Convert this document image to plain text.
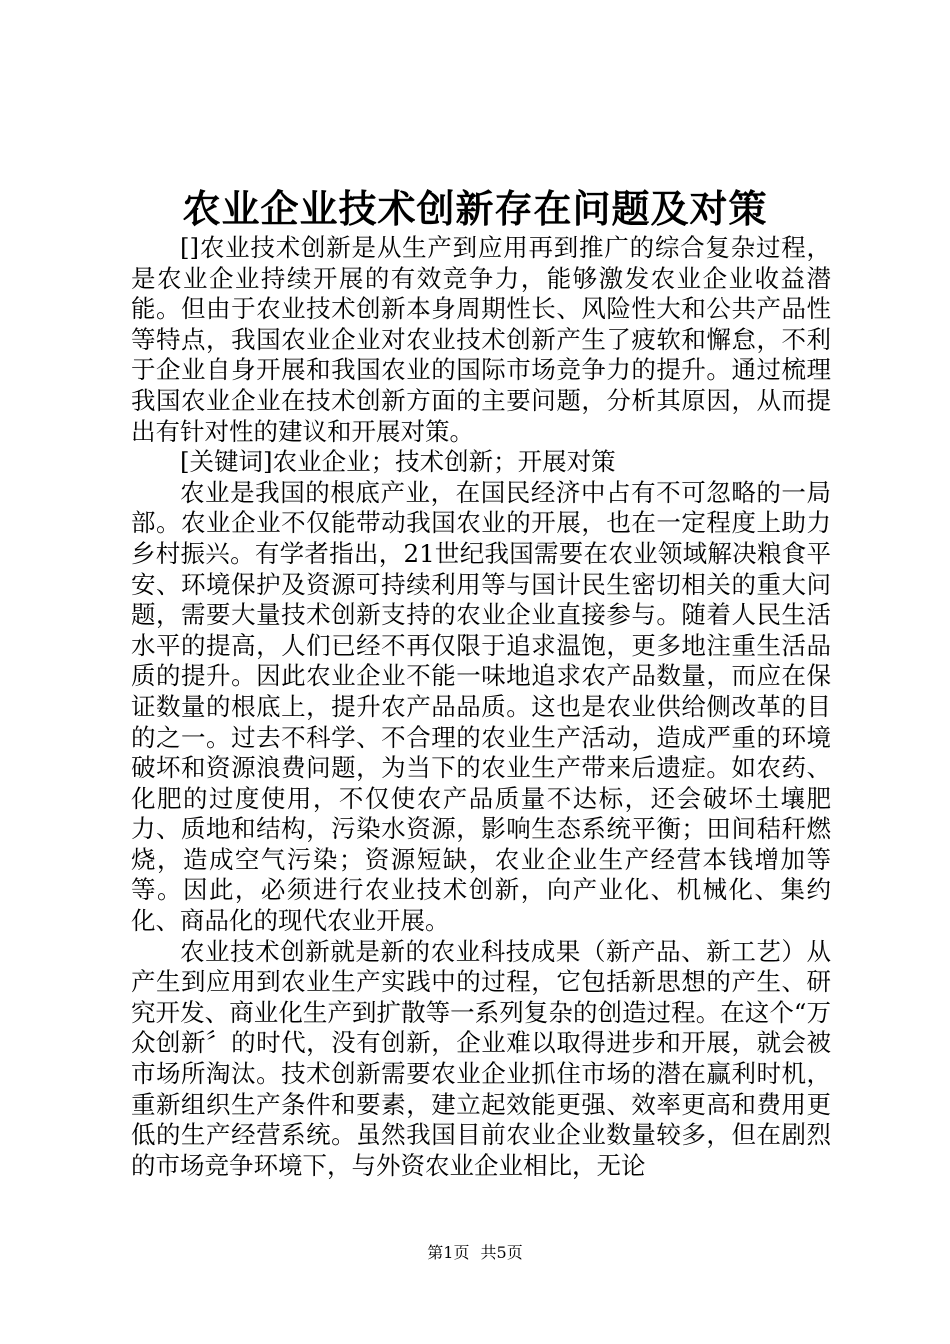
农业企业技术创新存在问题及对策

[]农业技术创新是从生产到应用再到推广的综合复杂过程，是农业企业持续开展的有效竞争力，能够激发农业企业收益潜能。但由于农业技术创新本身周期性长、风险性大和公共产品性等特点，我国农业企业对农业技术创新产生了疲软和懈怠，不利于企业自身开展和我国农业的国际市场竞争力的提升。通过梳理我国农业企业在技术创新方面的主要问题，分析其原因，从而提出有针对性的建议和开展对策。

[关键词]农业企业；技术创新；开展对策

农业是我国的根底产业，在国民经济中占有不可忽略的一局部。农业企业不仅能带动我国农业的开展，也在一定程度上助力乡村振兴。有学者指出，21世纪我国需要在农业领域解决粮食平安、环境保护及资源可持续利用等与国计民生密切相关的重大问题，需要大量技术创新支持的农业企业直接参与。随着人民生活水平的提高，人们已经不再仅限于追求温饱，更多地注重生活品质的提升。因此农业企业不能一味地追求农产品数量，而应在保证数量的根底上，提升农产品品质。这也是农业供给侧改革的目的之一。过去不科学、不合理的农业生产活动，造成严重的环境破坏和资源浪费问题，为当下的农业生产带来后遗症。如农药、化肥的过度使用，不仅使农产品质量不达标，还会破坏土壤肥力、质地和结构，污染水资源，影响生态系统平衡；田间秸秆燃烧，造成空气污染；资源短缺，农业企业生产经营本钱增加等等。因此，必须进行农业技术创新，向产业化、机械化、集约化、商品化的现代农业开展。

农业技术创新就是新的农业科技成果（新产品、新工艺）从产生到应用到农业生产实践中的过程，它包括新思想的产生、研究开发、商业化生产到扩散等一系列复杂的创造过程。在这个“万众创新〞的时代，没有创新，企业难以取得进步和开展，就会被市场所淘汰。技术创新需要农业企业抓住市场的潜在赢利时机，重新组织生产条件和要素，建立起效能更强、效率更高和费用更低的生产经营系统。虽然我国目前农业企业数量较多，但在剧烈的市场竞争环境下，与外资农业企业相比，无论

第1页 共5页
